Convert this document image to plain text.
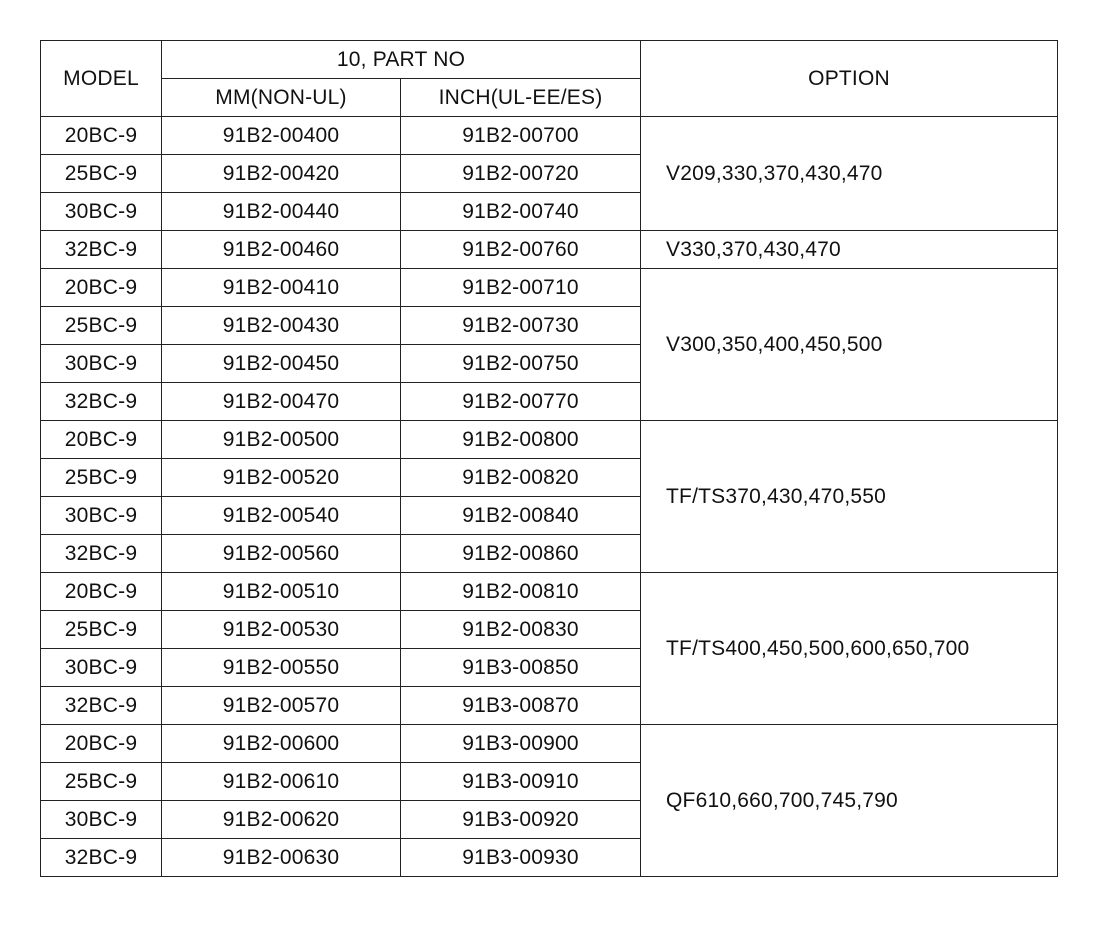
MODEL	10, PART NO		OPTION
	MM(NON-UL)	INCH(UL-EE/ES)	
20BC-9	91B2-00400	91B2-00700	V209,330,370,430,470
25BC-9	91B2-00420	91B2-00720	
30BC-9	91B2-00440	91B2-00740	
32BC-9	91B2-00460	91B2-00760	V330,370,430,470
20BC-9	91B2-00410	91B2-00710	V300,350,400,450,500
25BC-9	91B2-00430	91B2-00730	
30BC-9	91B2-00450	91B2-00750	
32BC-9	91B2-00470	91B2-00770	
20BC-9	91B2-00500	91B2-00800	TF/TS370,430,470,550
25BC-9	91B2-00520	91B2-00820	
30BC-9	91B2-00540	91B2-00840	
32BC-9	91B2-00560	91B2-00860	
20BC-9	91B2-00510	91B2-00810	TF/TS400,450,500,600,650,700
25BC-9	91B2-00530	91B2-00830	
30BC-9	91B2-00550	91B3-00850	
32BC-9	91B2-00570	91B3-00870	
20BC-9	91B2-00600	91B3-00900	QF610,660,700,745,790
25BC-9	91B2-00610	91B3-00910	
30BC-9	91B2-00620	91B3-00920	
32BC-9	91B2-00630	91B3-00930	
